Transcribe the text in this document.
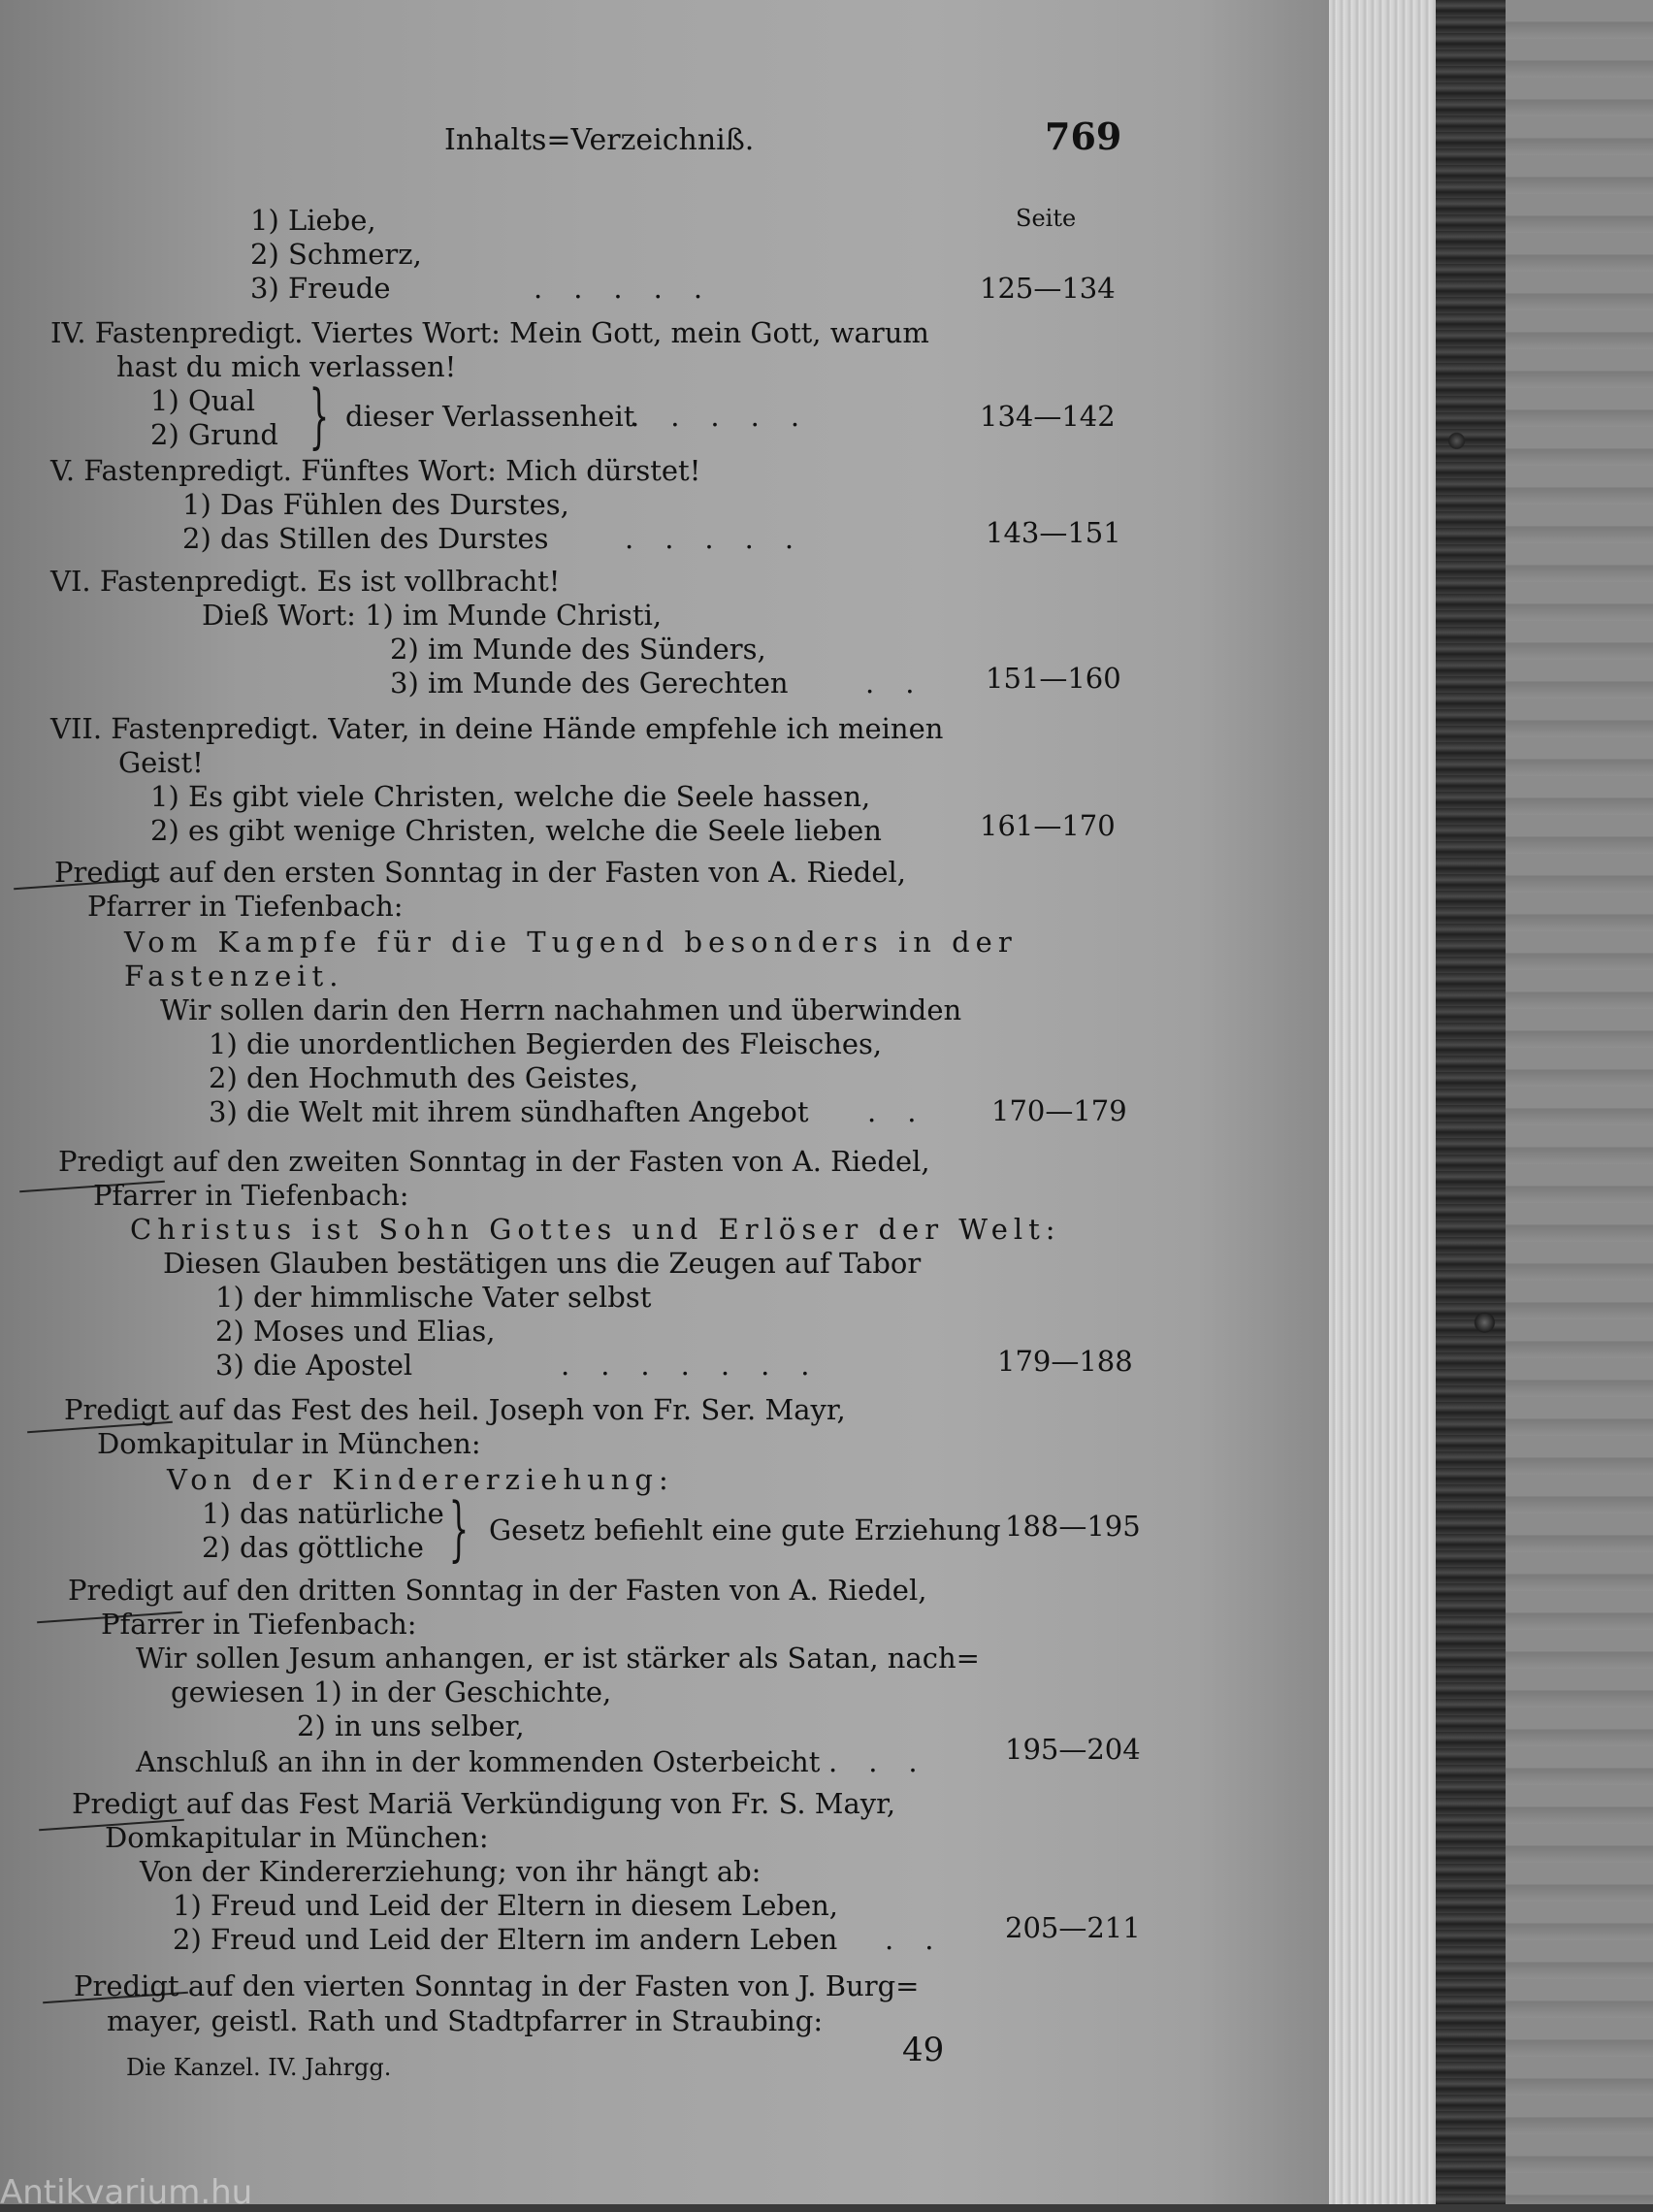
Inhalts=Verzeichniß.	769
Seite
1) Liebe,
2) Schmerz,
3) Freude	.....	125—134
IV. Fastenpredigt. Viertes Wort: Mein Gott, mein Gott, warum
hast du mich verlassen!
1) Qual
2) Grund } dieser Verlassenheit
.....	134—142
V. Fastenpredigt. Fünftes Wort: Mich dürstet!
1) Das Fühlen des Durstes,
2) das Stillen des Durstes	.....	143—151
VI. Fastenpredigt. Es ist vollbracht!
Dieß Wort: 1) im Munde Christi,
2) im Munde des Sünders,
3) im Munde des Gerechten	.. 151—160
VII. Fastenpredigt. Vater, in deine Hände empfehle ich meinen
Geist!
1) Es gibt viele Christen, welche die Seele hassen,
2) es gibt wenige Christen, welche die Seele lieben	161—170
Predigt auf den ersten Sonntag in der Fasten von A. Riedel,
Pfarrer in Tiefenbach:
Vom Kampfe für die Tugend besonders in der
Fastenzeit.
Wir sollen darin den Herrn nachahmen und überwinden
1) die unordentlichen Begierden des Fleisches,
2) den Hochmuth des Geistes,
3) die Welt mit ihrem sündhaften Angebot .. 170—179
Predigt auf den zweiten Sonntag in der Fasten von A. Riedel,
Pfarrer in Tiefenbach:
Christus ist Sohn Gottes und Erlöser der Welt:
Diesen Glauben bestätigen uns die Zeugen auf Tabor
1) der himmlische Vater selbst
2) Moses und Elias,
3) die Apostel	.......	179—188
Predigt auf das Fest des heil. Joseph von Fr. Ser. Mayr,
Domkapitular in München:
Von der Kindererziehung:
1) das natürliche
2) das göttliche } Gesetz befiehlt eine gute Erziehung 188—195
Predigt auf den dritten Sonntag in der Fasten von A. Riedel,
Pfarrer in Tiefenbach:
Wir sollen Jesum anhangen, er ist stärker als Satan, nach=
gewiesen 1) in der Geschichte,
2) in uns selber,
Anschluß an ihn in der kommenden Osterbeicht ... 195—204
Predigt auf das Fest Mariä Verkündigung von Fr. S. Mayr,
Domkapitular in München:
Von der Kindererziehung; von ihr hängt ab:
1) Freud und Leid der Eltern in diesem Leben,
2) Freud und Leid der Eltern im andern Leben .. 205—211
Predigt auf den vierten Sonntag in der Fasten von J. Burg=
mayer, geistl. Rath und Stadtpfarrer in Straubing:
Die Kanzel. IV. Jahrgg.	49
Antikvarium.hu
